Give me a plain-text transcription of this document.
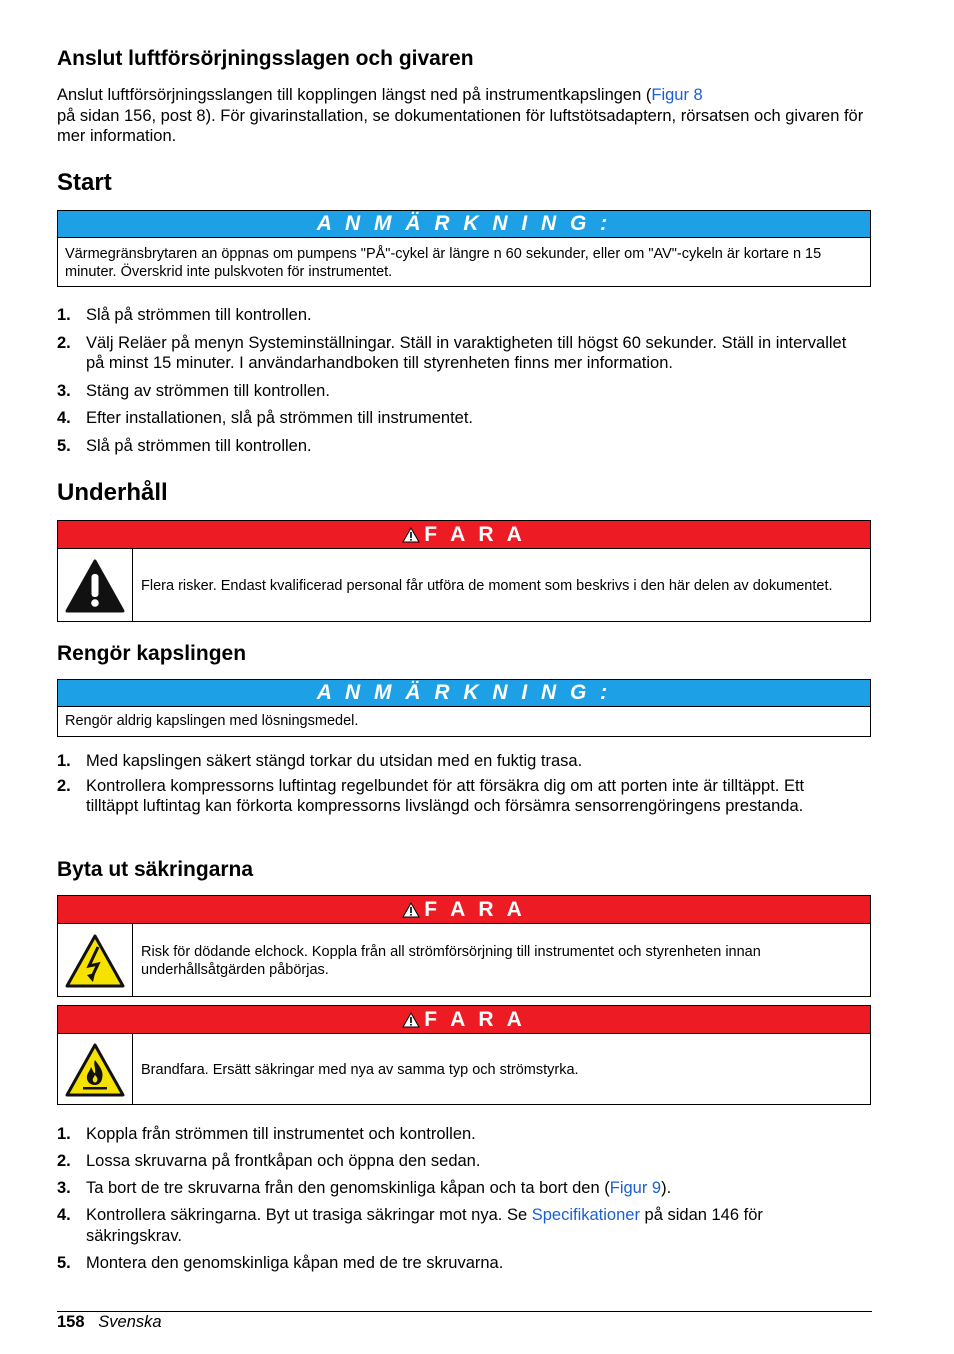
Anslut luftförsörjningsslagen och givaren
Anslut luftförsörjningsslangen till kopplingen längst ned på instrumentkapslingen (Figur 8
på sidan 156, post 8). För givarinstallation, se dokumentationen för luftstötsadaptern, rörsatsen och givaren för mer information.
Start
A N M Ä R K N I N G :
Värmegränsbrytaren an öppnas om pumpens "PÅ"-cykel är längre n 60 sekunder, eller om "AV"-cykeln är kortare n 15 minuter. Överskrid inte pulskvoten för instrumentet.
1. Slå på strömmen till kontrollen.
2. Välj Reläer på menyn Systeminställningar. Ställ in varaktigheten till högst 60 sekunder. Ställ in intervallet på minst 15 minuter. I användarhandboken till styrenheten finns mer information.
3. Stäng av strömmen till kontrollen.
4. Efter installationen, slå på strömmen till instrumentet.
5. Slå på strömmen till kontrollen.
Underhåll
F A R A
Flera risker. Endast kvalificerad personal får utföra de moment som beskrivs i den här delen av dokumentet.
Rengör kapslingen
A N M Ä R K N I N G :
Rengör aldrig kapslingen med lösningsmedel.
1. Med kapslingen säkert stängd torkar du utsidan med en fuktig trasa.
2. Kontrollera kompressorns luftintag regelbundet för att försäkra dig om att porten inte är tilltäppt. Ett tilltäppt luftintag kan förkorta kompressorns livslängd och försämra sensorrengöringens prestanda.
Byta ut säkringarna
F A R A
Risk för dödande elchock. Koppla från all strömförsörjning till instrumentet och styrenheten innan underhållsåtgärden påbörjas.
F A R A
Brandfara. Ersätt säkringar med nya av samma typ och strömstyrka.
1. Koppla från strömmen till instrumentet och kontrollen.
2. Lossa skruvarna på frontkåpan och öppna den sedan.
3. Ta bort de tre skruvarna från den genomskinliga kåpan och ta bort den (Figur 9).
4. Kontrollera säkringarna. Byt ut trasiga säkringar mot nya. Se Specifikationer på sidan 146 för säkringskrav.
5. Montera den genomskinliga kåpan med de tre skruvarna.
158 Svenska
